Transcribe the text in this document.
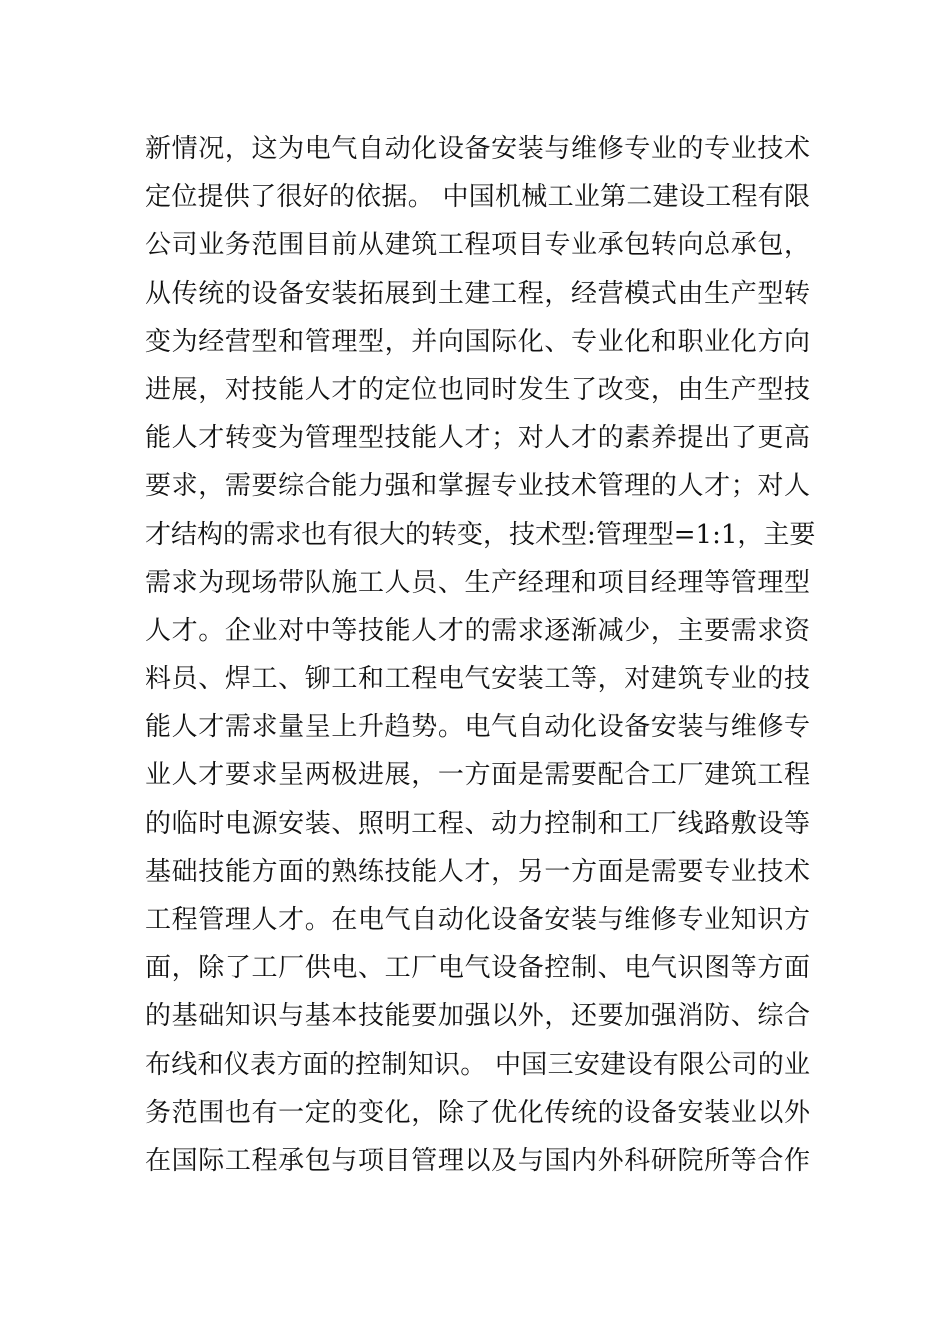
新情况，这为电气自动化设备安装与维修专业的专业技术
定位提供了很好的依据。 中国机械工业第二建设工程有限
公司业务范围目前从建筑工程项目专业承包转向总承包，
从传统的设备安装拓展到土建工程，经营模式由生产型转
变为经营型和管理型，并向国际化、专业化和职业化方向
进展，对技能人才的定位也同时发生了改变，由生产型技
能人才转变为管理型技能人才；对人才的素养提出了更高
要求，需要综合能力强和掌握专业技术管理的人才；对人
才结构的需求也有很大的转变，技术型:管理型=1:1，主要
需求为现场带队施工人员、生产经理和项目经理等管理型
人才。企业对中等技能人才的需求逐渐减少，主要需求资
料员、焊工、铆工和工程电气安装工等，对建筑专业的技
能人才需求量呈上升趋势。电气自动化设备安装与维修专
业人才要求呈两极进展，一方面是需要配合工厂建筑工程
的临时电源安装、照明工程、动力控制和工厂线路敷设等
基础技能方面的熟练技能人才，另一方面是需要专业技术
工程管理人才。在电气自动化设备安装与维修专业知识方
面，除了工厂供电、工厂电气设备控制、电气识图等方面
的基础知识与基本技能要加强以外，还要加强消防、综合
布线和仪表方面的控制知识。 中国三安建设有限公司的业
务范围也有一定的变化，除了优化传统的设备安装业以外
在国际工程承包与项目管理以及与国内外科研院所等合作
